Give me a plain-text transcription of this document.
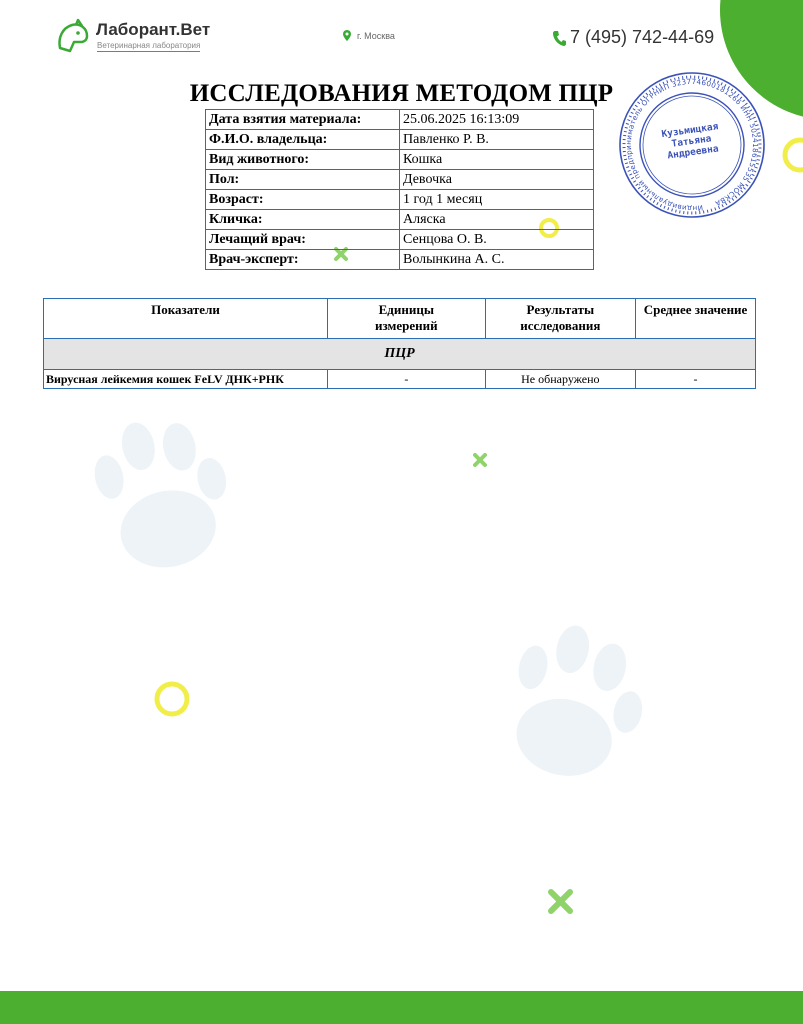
Лаборант.Вет
Ветеринарная лаборатория
г. Москва	7 (495) 742-44-69
ИССЛЕДОВАНИЯ МЕТОДОМ ПЦР
Индивидуальный предприниматель ОГРНИП 323774600181266 ИНН 502418615535 МОСКВА
Кузьмицкая Татьяна Андреевна
Дата взятия материала:	25.06.2025 16:13:09
Ф.И.О. владельца:	Павленко Р. В.
Вид животного:	Кошка
Пол:	Девочка
Возраст:	1 год 1 месяц
Кличка:	Аляска
Лечащий врач:	Сенцова О. В.
Врач-эксперт:	Волынкина А. С.
Показатели	Единицы измерений	Результаты исследования	Среднее значение
ПЦР			
Вирусная лейкемия кошек FeLV ДНК+РНК	-	Не обнаружено	-
